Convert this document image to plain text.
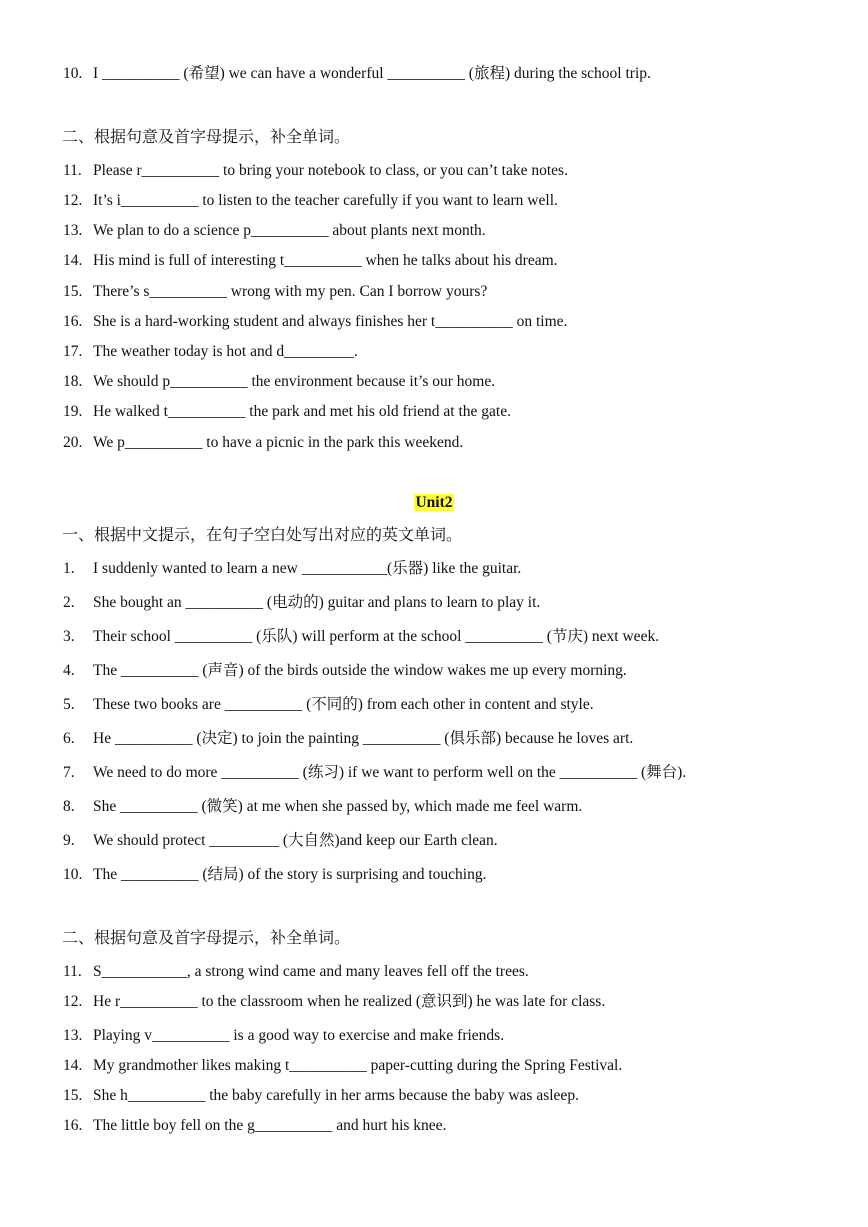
10. I __________ (希望) we can have a wonderful __________ (旅程) during the school trip.
二、根据句意及首字母提示，补全单词。
11. Please r__________ to bring your notebook to class, or you can’t take notes.
12. It’s i__________ to listen to the teacher carefully if you want to learn well.
13. We plan to do a science p__________ about plants next month.
14. His mind is full of interesting t__________ when he talks about his dream.
15. There’s s__________ wrong with my pen. Can I borrow yours?
16. She is a hard-working student and always finishes her t__________ on time.
17. The weather today is hot and d_________.
18. We should p__________ the environment because it’s our home.
19. He walked t__________ the park and met his old friend at the gate.
20. We p__________ to have a picnic in the park this weekend.
Unit2
一、根据中文提示，在句子空白处写出对应的英文单词。
1. I suddenly wanted to learn a new ___________(乐器) like the guitar.
2. She bought an __________ (电动的) guitar and plans to learn to play it.
3. Their school __________ (乐队) will perform at the school __________ (节庆) next week.
4. The __________ (声音) of the birds outside the window wakes me up every morning.
5. These two books are __________ (不同的) from each other in content and style.
6. He __________ (决定) to join the painting __________ (俱乐部) because he loves art.
7. We need to do more __________ (练习) if we want to perform well on the __________ (舞台).
8. She __________ (微笑) at me when she passed by, which made me feel warm.
9. We should protect _________ (大自然)and keep our Earth clean.
10. The __________ (结局) of the story is surprising and touching.
二、根据句意及首字母提示，补全单词。
11. S___________, a strong wind came and many leaves fell off the trees.
12. He r__________ to the classroom when he realized (意识到) he was late for class.
13. Playing v__________ is a good way to exercise and make friends.
14. My grandmother likes making t__________ paper-cutting during the Spring Festival.
15. She h__________ the baby carefully in her arms because the baby was asleep.
16. The little boy fell on the g__________ and hurt his knee.
